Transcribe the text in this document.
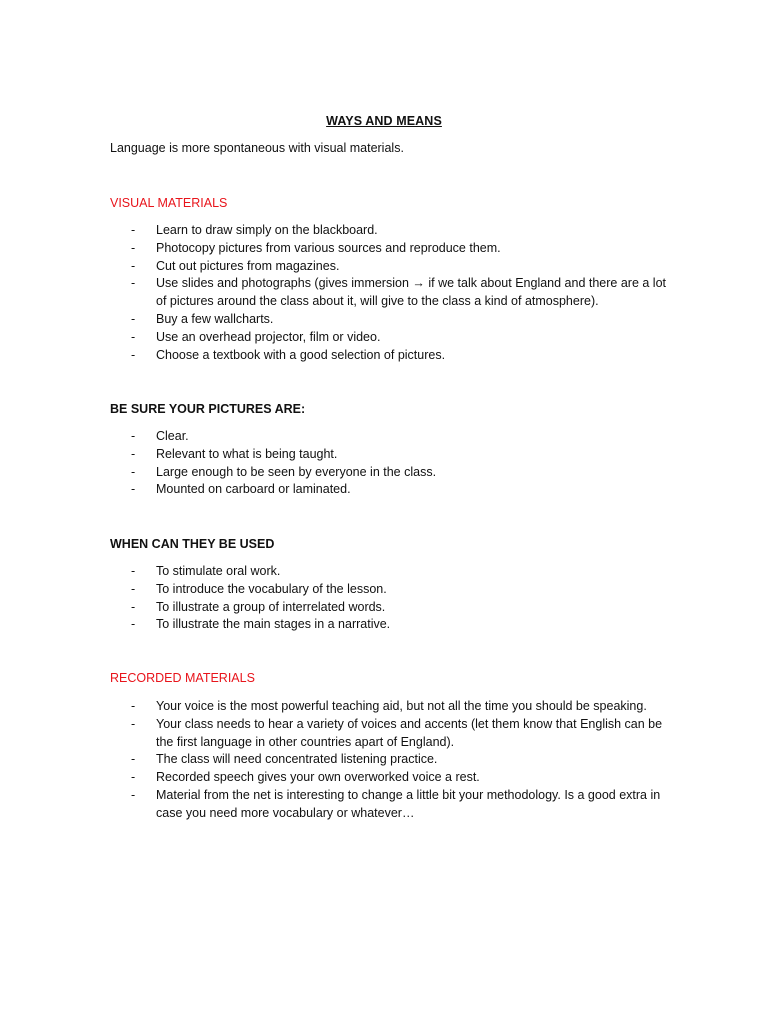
WAYS AND MEANS
Language is more spontaneous with visual materials.
VISUAL MATERIALS
- Learn to draw simply on the blackboard.
- Photocopy pictures from various sources and reproduce them.
- Cut out pictures from magazines.
- Use slides and photographs (gives immersion → if we talk about England and there are a lot of pictures around the class about it, will give to the class a kind of atmosphere).
- Buy a few wallcharts.
- Use an overhead projector, film or video.
- Choose a textbook with a good selection of pictures.
BE SURE YOUR PICTURES ARE:
- Clear.
- Relevant to what is being taught.
- Large enough to be seen by everyone in the class.
- Mounted on carboard or laminated.
WHEN CAN THEY BE USED
- To stimulate oral work.
- To introduce the vocabulary of the lesson.
- To illustrate a group of interrelated words.
- To illustrate the main stages in a narrative.
RECORDED MATERIALS
- Your voice is the most powerful teaching aid, but not all the time you should be speaking.
- Your class needs to hear a variety of voices and accents (let them know that English can be the first language in other countries apart of England).
- The class will need concentrated listening practice.
- Recorded speech gives your own overworked voice a rest.
- Material from the net is interesting to change a little bit your methodology. Is a good extra in case you need more vocabulary or whatever…
